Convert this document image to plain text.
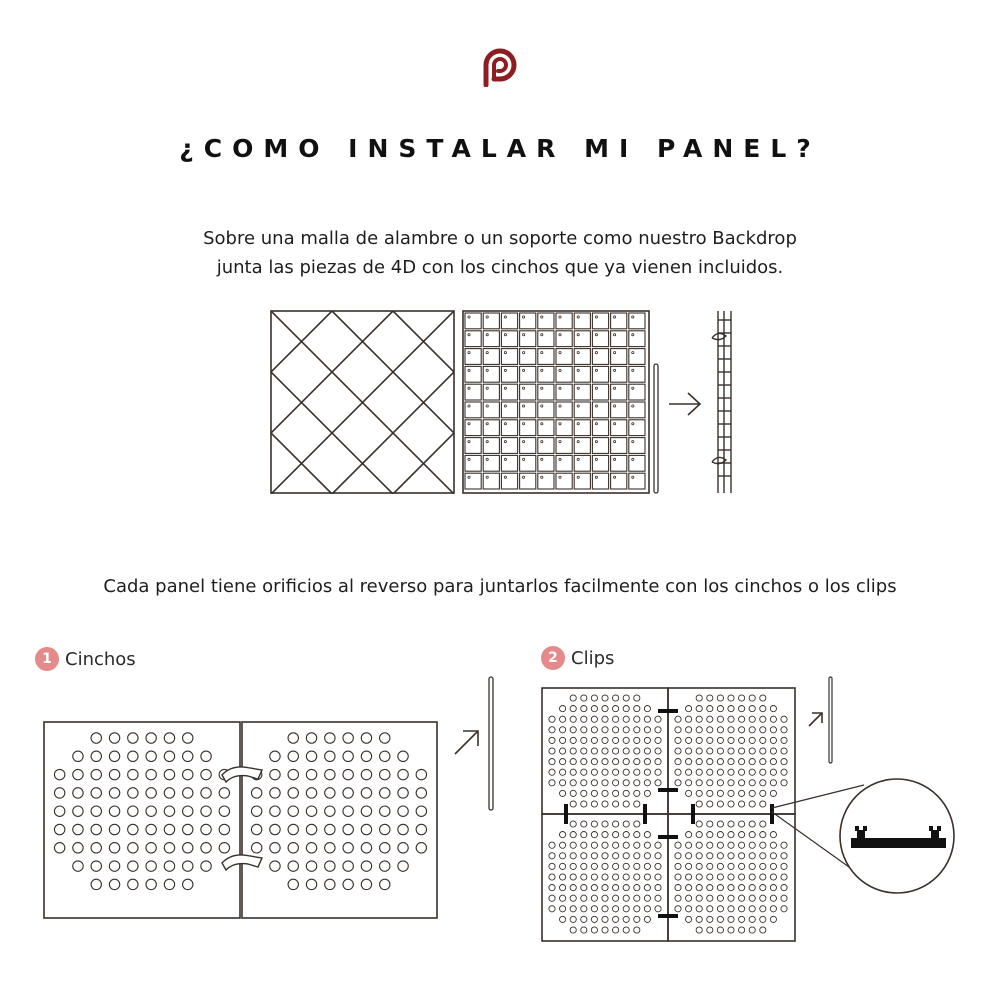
¿COMO INSTALAR MI PANEL?
Sobre una malla de alambre o un soporte como nuestro Backdrop
junta las piezas de 4D con los cinchos que ya vienen incluidos.
Cada panel tiene orificios al reverso para juntarlos facilmente con los cinchos o los clips
1 Cinchos	2 Clips
